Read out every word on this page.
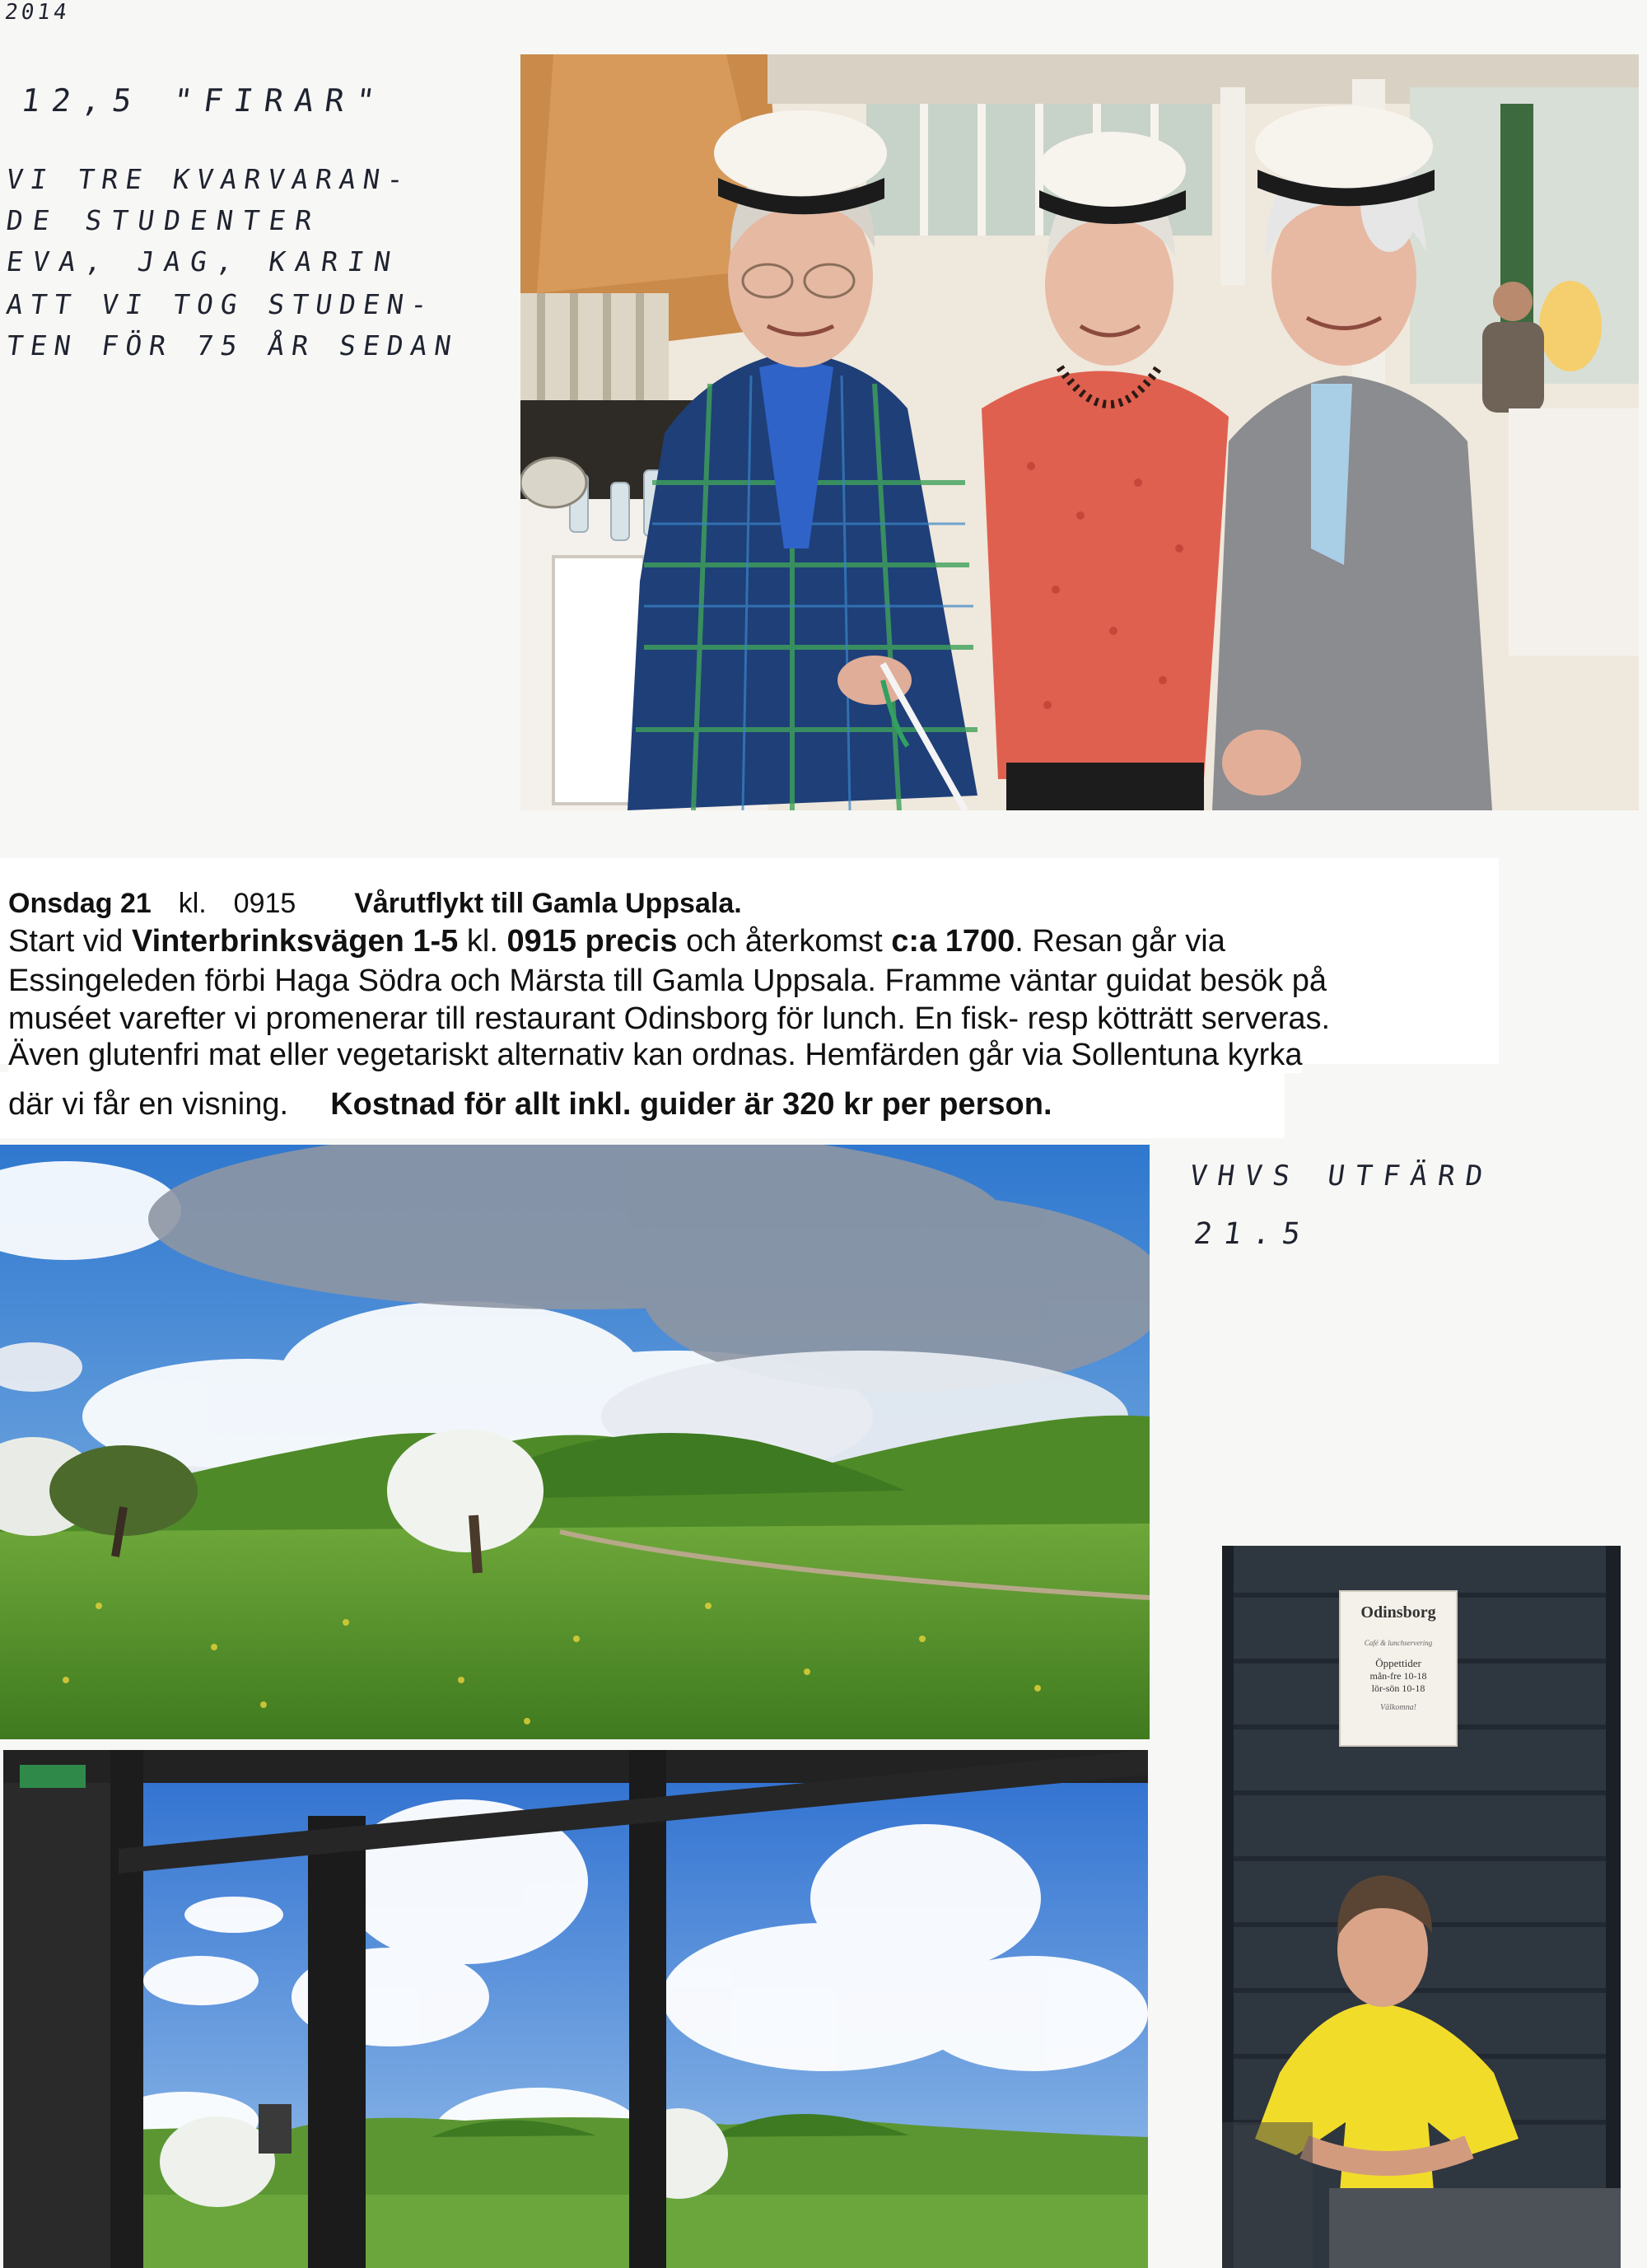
2014
12,5 "FIRAR"
VI TRE KVARVARAN-
DE STUDENTER
EVA, JAG, KARIN
ATT VI TOG STUDEN-
TEN FÖR 75 ÅR SEDAN
VHVS UTFÄRD
21.5
Onsdag 21 kl. 0915 Vårutflykt till Gamla Uppsala.
Start vid Vinterbrinksvägen 1-5 kl. 0915 precis och återkomst c:a 1700. Resan går via
Essingeleden förbi Haga Södra och Märsta till Gamla Uppsala. Framme väntar guidat besök på
muséet varefter vi promenerar till restaurant Odinsborg för lunch. En fisk- resp kötträtt serveras.
Även glutenfri mat eller vegetariskt alternativ kan ordnas. Hemfärden går via Sollentuna kyrka
där vi får en visning. Kostnad för allt inkl. guider är 320 kr per person.
Odinsborg
Café & lunchservering
Öppettider
mån-fre 10-18
lör-sön 10-18
Välkomna!
